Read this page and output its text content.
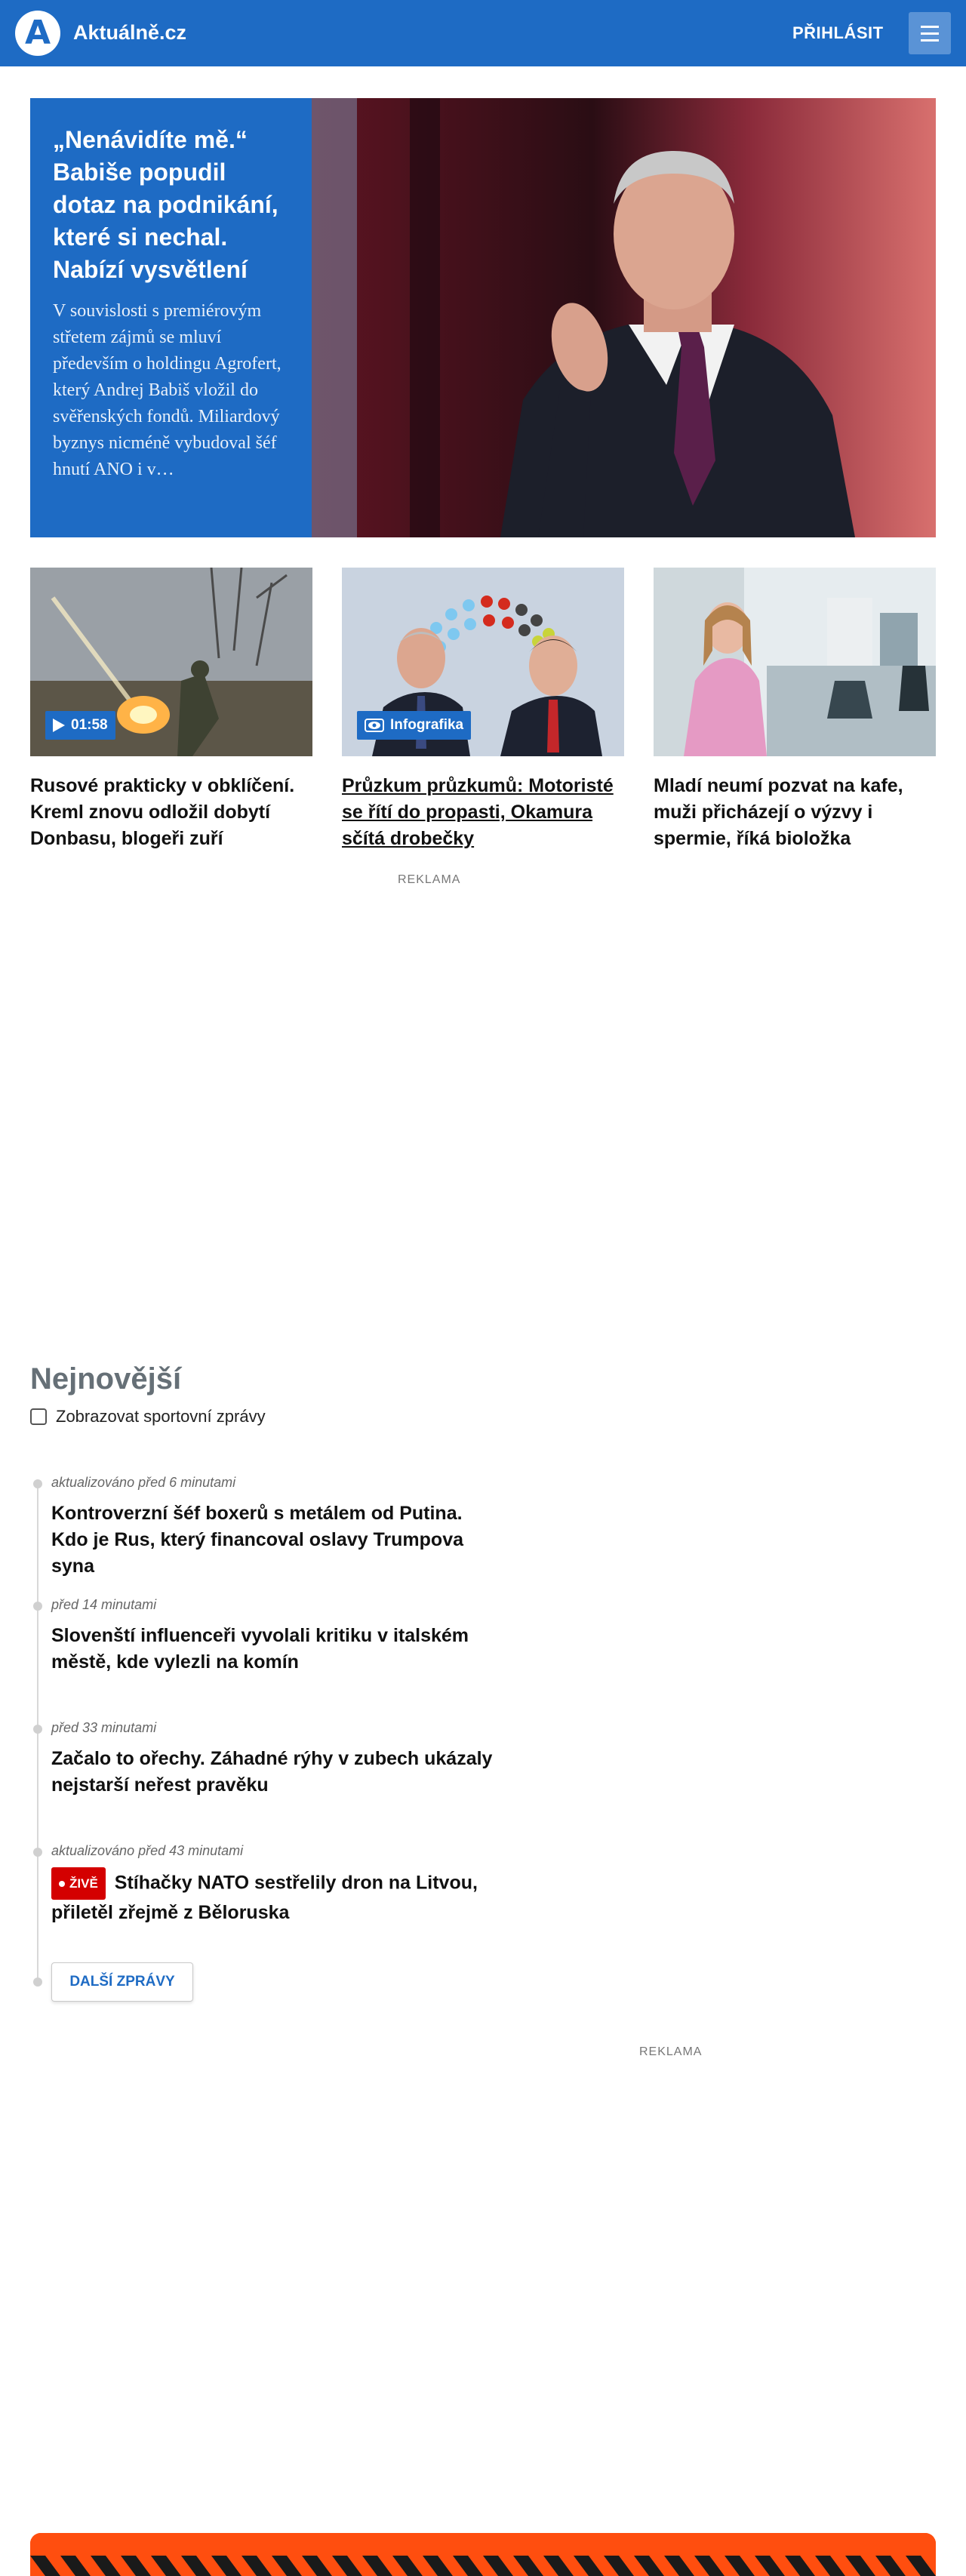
A Aktuálně.cz	PŘIHLÁSIT
„Nenávidíte mě.“ Babiše popudil dotaz na podnikání, které si nechal. Nabízí vysvětlení
V souvislosti s premiérovým střetem zájmů se mluví především o holdingu Agrofert, který Andrej Babiš vložil do svěřenských fondů. Miliardový byznys nicméně vybudoval šéf hnutí ANO i v…
01:58
Rusové prakticky v obklíčení. Kreml znovu odložil dobytí Donbasu, blogeři zuří
Infografika
Průzkum průzkumů: Motoristé se řítí do propasti, Okamura sčítá drobečky
Mladí neumí pozvat na kafe, muži přicházejí o výzvy i spermie, říká bioložka
REKLAMA
Nejnovější
Zobrazovat sportovní zprávy
aktualizováno před 6 minutami
Kontroverzní šéf boxerů s metálem od Putina. Kdo je Rus, který financoval oslavy Trumpova syna
před 14 minutami
Slovenští influenceři vyvolali kritiku v italském městě, kde vylezli na komín
před 33 minutami
Začalo to ořechy. Záhadné rýhy v zubech ukázaly nejstarší neřest pravěku
aktualizováno před 43 minutami
ŽIVĚ Stíhačky NATO sestřelily dron na Litvou, přiletěl zřejmě z Běloruska
DALŠÍ ZPRÁVY
REKLAMA
